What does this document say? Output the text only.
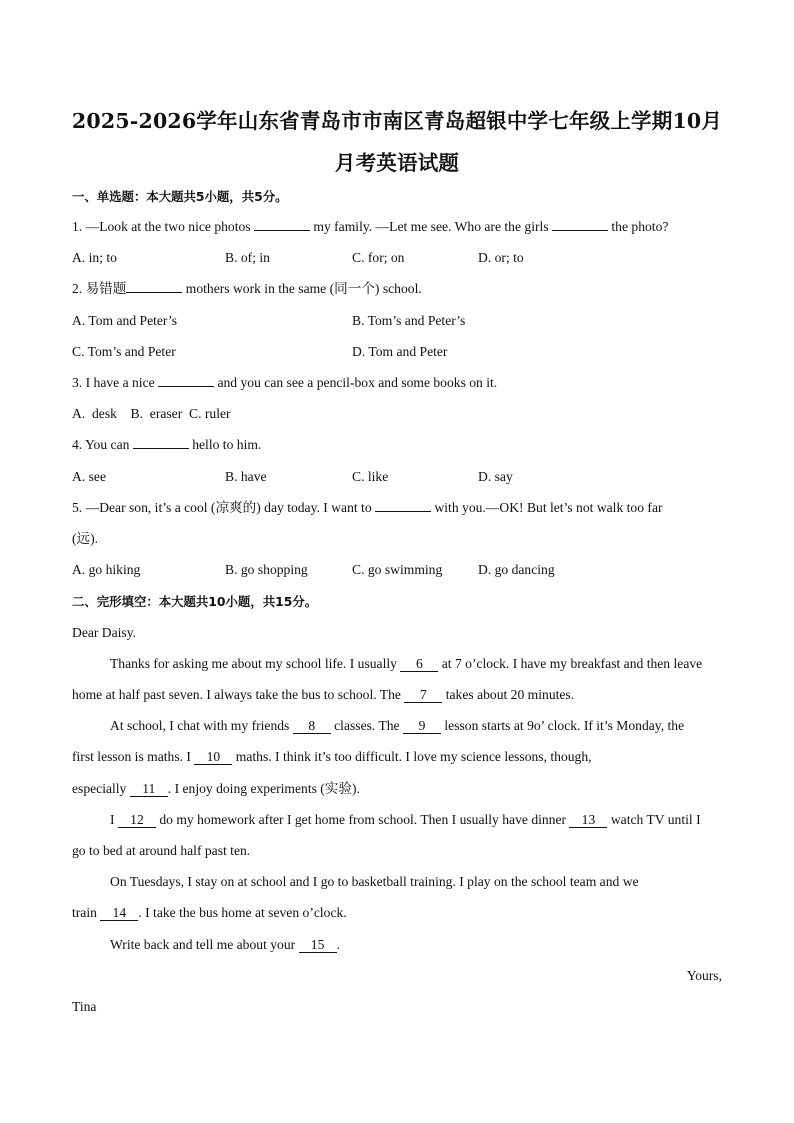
2025-2026学年山东省青岛市市南区青岛超银中学七年级上学期10月
月考英语试题
一、单选题：本大题共5小题，共5分。
1. —Look at the two nice photos	my family. —Let me see. Who are the girls	the photo?
A. in; to	B. of; in	C. for; on	D. or; to
2. 易错题	mothers work in the same (同一个) school.
A. Tom and Peter’s	B. Tom’s and Peter’s
C. Tom’s and Peter	D. Tom and Peter
3. I have a nice	and you can see a pencil-box and some books on it.
A.  desk    B.  eraser  C. ruler
4. You can	hello to him.
A. see	B. have	C. like	D. say
5. —Dear son, it’s a cool (凉爽的) day today. I want to	with you.—OK! But let’s not walk too far
(远).
A. go hiking	B. go shopping	C. go swimming	D. go dancing
二、完形填空：本大题共10小题，共15分。
Dear Daisy.
Thanks for asking me about my school life. I usually 6 at 7 o’clock. I have my breakfast and then leave
home at half past seven. I always take the bus to school. The 7 takes about 20 minutes.
At school, I chat with my friends 8 classes. The 9 lesson starts at 9o’ clock. If it’s Monday, the
first lesson is maths. I 10 maths. I think it’s too difficult. I love my science lessons, though,
especially 11 . I enjoy doing experiments (实验).
I 12 do my homework after I get home from school. Then I usually have dinner 13 watch TV until I
go to bed at around half past ten.
On Tuesdays, I stay on at school and I go to basketball training. I play on the school team and we
train 14 . I take the bus home at seven o’clock.
Write back and tell me about your 15 .
Yours,
Tina
